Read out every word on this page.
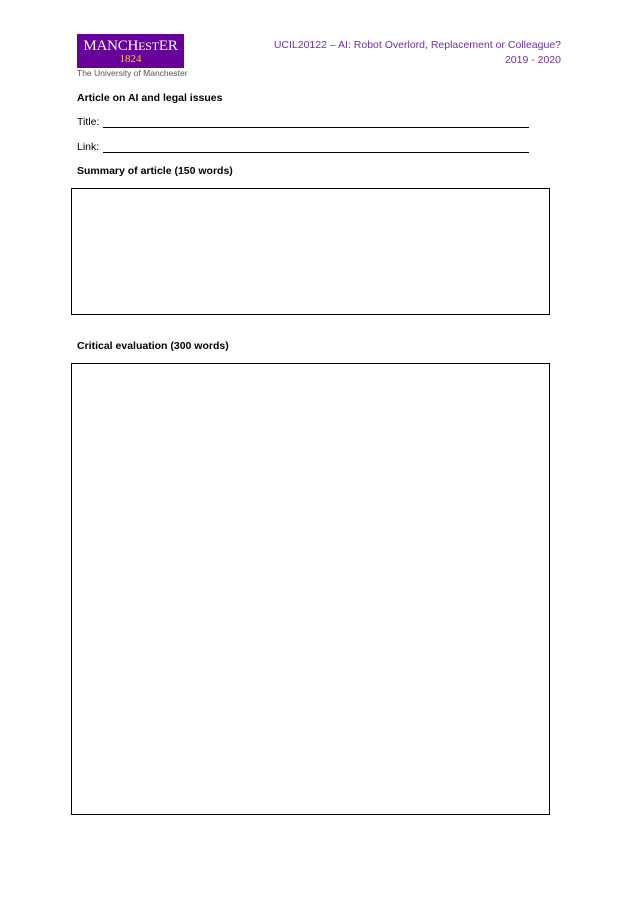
MANCHESTER
1824
The University of Manchester
UCIL20122 – AI: Robot Overlord, Replacement or Colleague?
2019 - 2020
Article on AI and legal issues
Title:
Link:
Summary of article (150 words)
Critical evaluation (300 words)
